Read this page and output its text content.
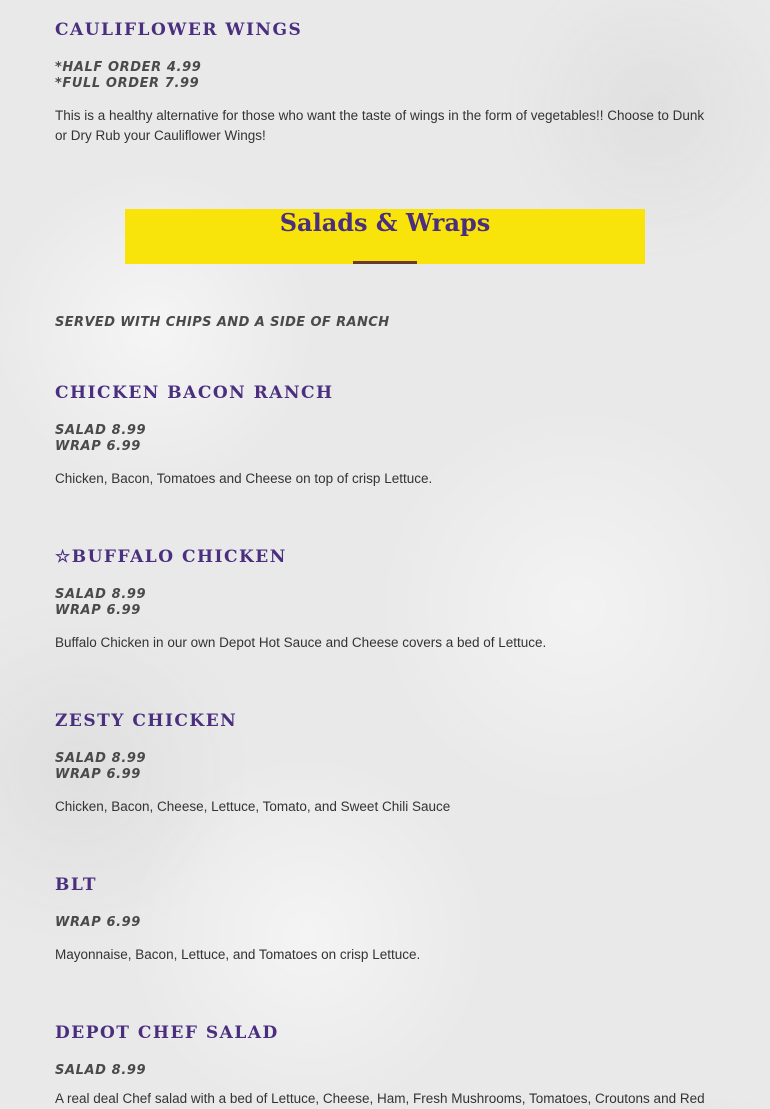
CAULIFLOWER WINGS
*HALF ORDER 4.99
*FULL ORDER 7.99

This is a healthy alternative for those who want the taste of wings in the form of vegetables!! Choose to Dunk or Dry Rub your Cauliflower Wings!

CHICKEN BACON RANCH
SALAD 8.99
WRAP 6.99

Chicken, Bacon, Tomatoes and Cheese on top of crisp Lettuce.

☆BUFFALO CHICKEN
SALAD 8.99
WRAP 6.99

Buffalo Chicken in our own Depot Hot Sauce and Cheese covers a bed of Lettuce.

ZESTY CHICKEN
SALAD 8.99
WRAP 6.99

Chicken, Bacon, Cheese, Lettuce, Tomato, and Sweet Chili Sauce

BLT
WRAP 6.99

Mayonnaise, Bacon, Lettuce, and Tomatoes on crisp Lettuce.

DEPOT CHEF SALAD
SALAD 8.99

A real deal Chef salad with a bed of Lettuce, Cheese, Ham, Fresh Mushrooms, Tomatoes, Croutons and Red

SERVED WITH CHIPS AND A SIDE OF RANCH
Salads & Wraps
